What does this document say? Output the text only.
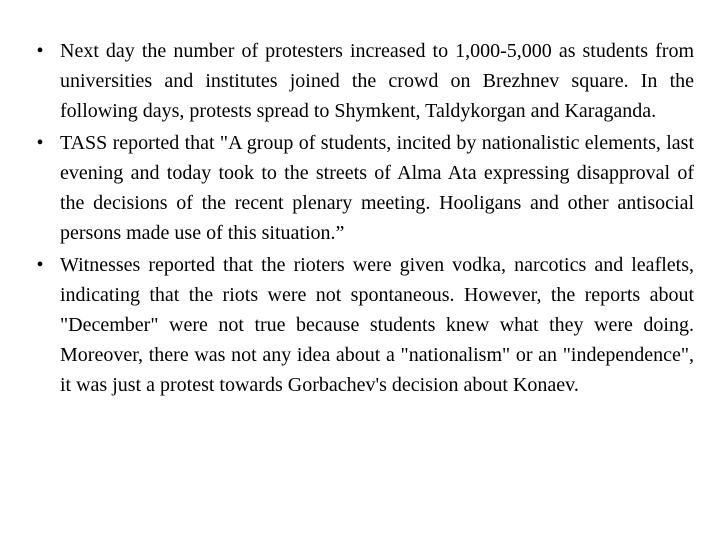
• Next day the number of protesters increased to 1,000-5,000 as students from universities and institutes joined the crowd on Brezhnev square. In the following days, protests spread to Shymkent, Taldykorgan and Karaganda.
• TASS reported that "A group of students, incited by nationalistic elements, last evening and today took to the streets of Alma Ata expressing disapproval of the decisions of the recent plenary meeting. Hooligans and other antisocial persons made use of this situation.”
• Witnesses reported that the rioters were given vodka, narcotics and leaflets, indicating that the riots were not spontaneous. However, the reports about "December" were not true because students knew what they were doing. Moreover, there was not any idea about a "nationalism" or an "independence", it was just a protest towards Gorbachev's decision about Konaev.
